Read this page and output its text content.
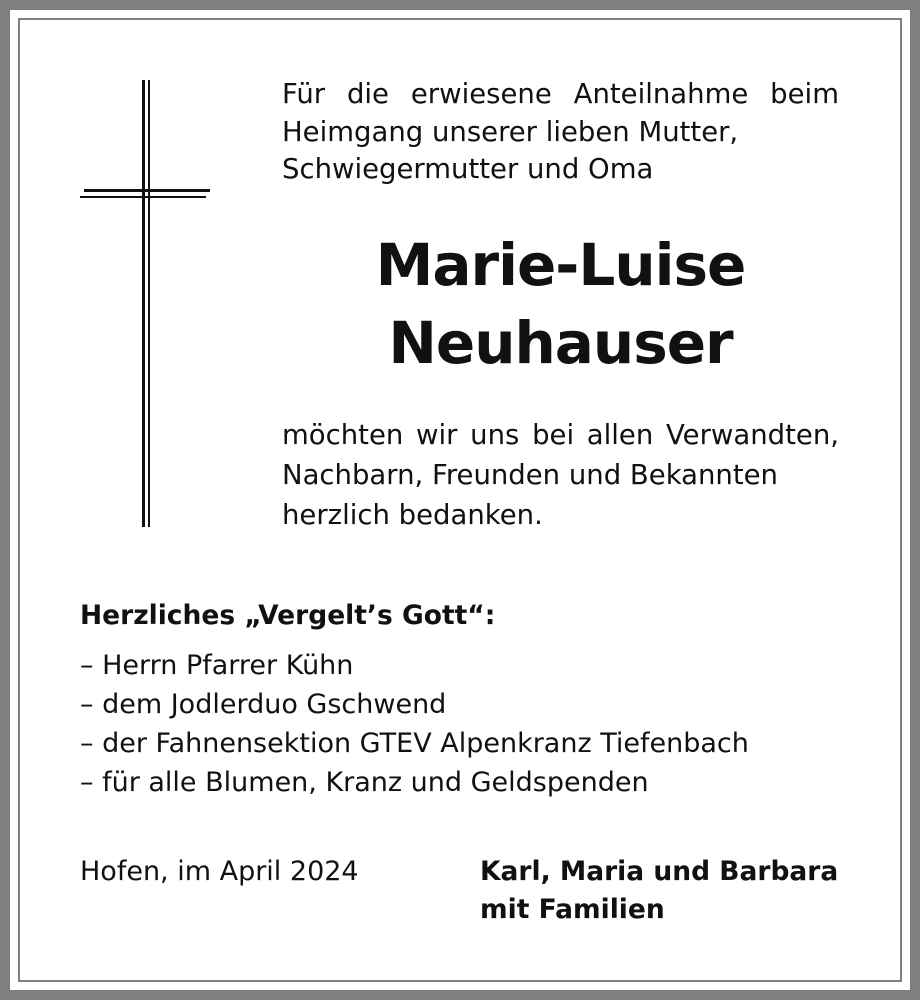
Für die erwiesene Anteilnahme beim Heimgang unserer lieben Mutter,
Schwiegermutter und Oma
Marie-Luise
Neuhauser
möchten wir uns bei allen Verwandten, Nachbarn, Freunden und Bekannten
herzlich bedanken.
Herzliches „Vergelt’s Gott“:
– Herrn Pfarrer Kühn
– dem Jodlerduo Gschwend
– der Fahnensektion GTEV Alpenkranz Tiefenbach
– für alle Blumen, Kranz und Geldspenden
Hofen, im April 2024	Karl, Maria und Barbara
mit Familien
